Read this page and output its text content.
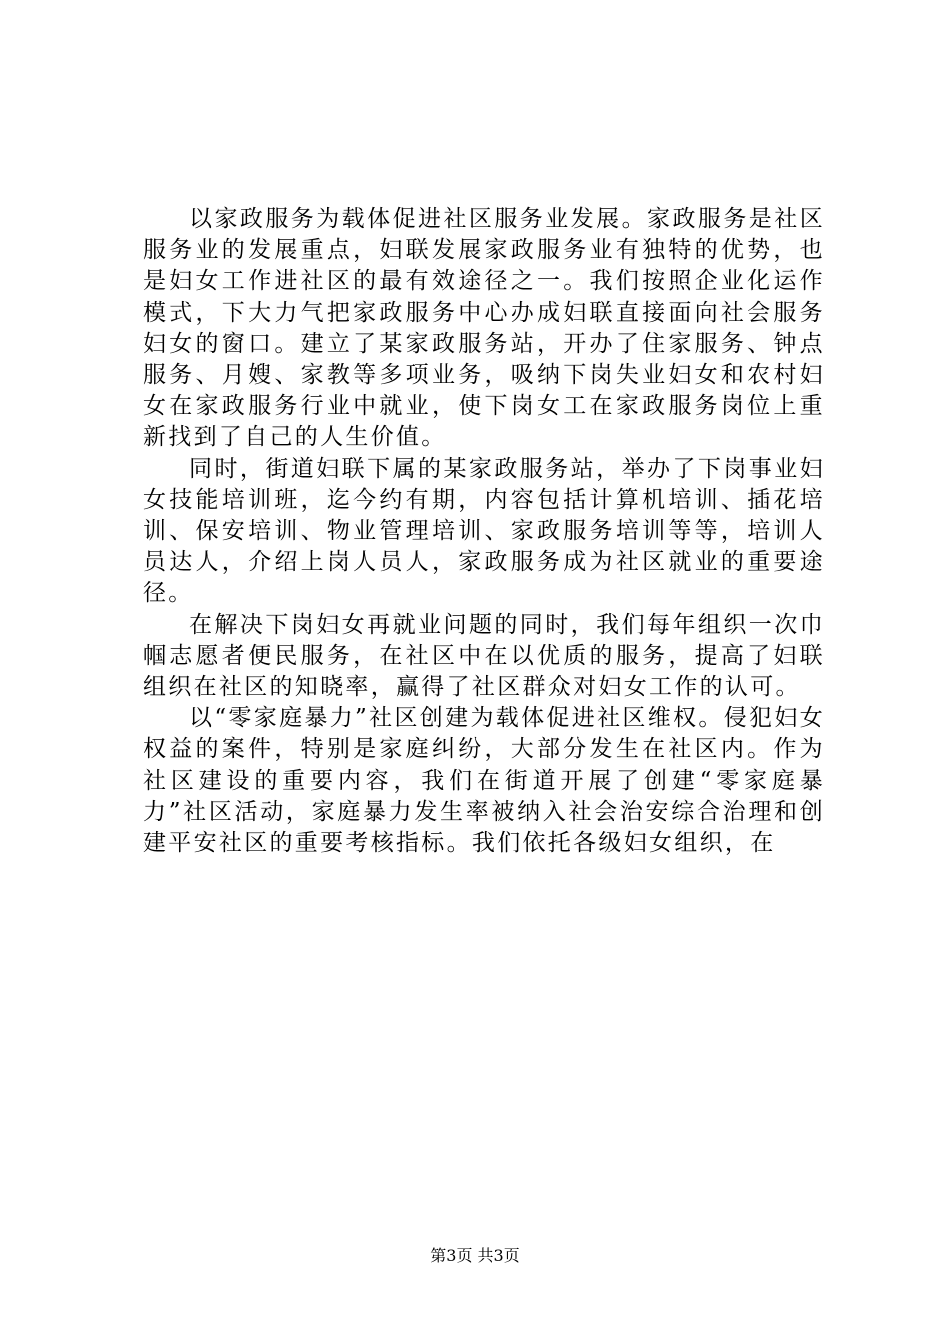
以家政服务为载体促进社区服务业发展。家政服务是社区服务业的发展重点，妇联发展家政服务业有独特的优势，也是妇女工作进社区的最有效途径之一。我们按照企业化运作模式，下大力气把家政服务中心办成妇联直接面向社会服务妇女的窗口。建立了某家政服务站，开办了住家服务、钟点服务、月嫂、家教等多项业务，吸纳下岗失业妇女和农村妇女在家政服务行业中就业，使下岗女工在家政服务岗位上重新找到了自己的人生价值。

同时，街道妇联下属的某家政服务站，举办了下岗事业妇女技能培训班，迄今约有期，内容包括计算机培训、插花培训、保安培训、物业管理培训、家政服务培训等等，培训人员达人，介绍上岗人员人，家政服务成为社区就业的重要途径。

在解决下岗妇女再就业问题的同时，我们每年组织一次巾帼志愿者便民服务，在社区中在以优质的服务，提高了妇联组织在社区的知晓率，赢得了社区群众对妇女工作的认可。

以“零家庭暴力”社区创建为载体促进社区维权。侵犯妇女权益的案件，特别是家庭纠纷，大部分发生在社区内。作为社区建设的重要内容，我们在街道开展了创建“零家庭暴力”社区活动，家庭暴力发生率被纳入社会治安综合治理和创建平安社区的重要考核指标。我们依托各级妇女组织，在

第3页 共3页
